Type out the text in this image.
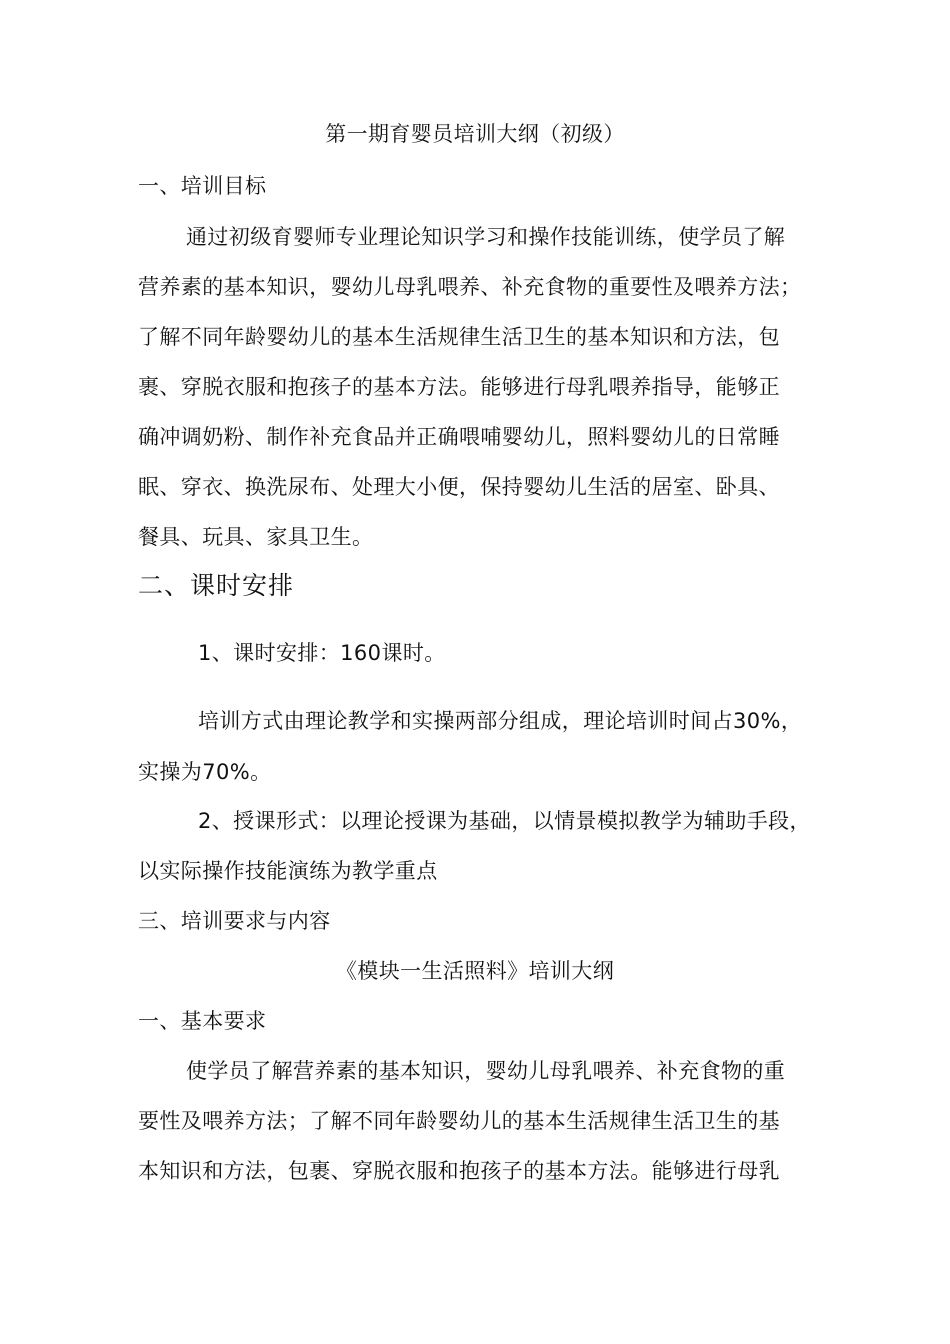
第一期育婴员培训大纲（初级）
一、培训目标
通过初级育婴师专业理论知识学习和操作技能训练，使学员了解
营养素的基本知识，婴幼儿母乳喂养、补充食物的重要性及喂养方法；
了解不同年龄婴幼儿的基本生活规律生活卫生的基本知识和方法，包
裹、穿脱衣服和抱孩子的基本方法。能够进行母乳喂养指导，能够正
确冲调奶粉、制作补充食品并正确喂哺婴幼儿，照料婴幼儿的日常睡
眠、穿衣、换洗尿布、处理大小便，保持婴幼儿生活的居室、卧具、
餐具、玩具、家具卫生。
二、课时安排
1、课时安排：160课时。
培训方式由理论教学和实操两部分组成，理论培训时间占30%，
实操为70%。
2、授课形式：以理论授课为基础，以情景模拟教学为辅助手段，
以实际操作技能演练为教学重点
三、培训要求与内容
《模块一生活照料》培训大纲
一、基本要求
使学员了解营养素的基本知识，婴幼儿母乳喂养、补充食物的重
要性及喂养方法；了解不同年龄婴幼儿的基本生活规律生活卫生的基
本知识和方法，包裹、穿脱衣服和抱孩子的基本方法。能够进行母乳
